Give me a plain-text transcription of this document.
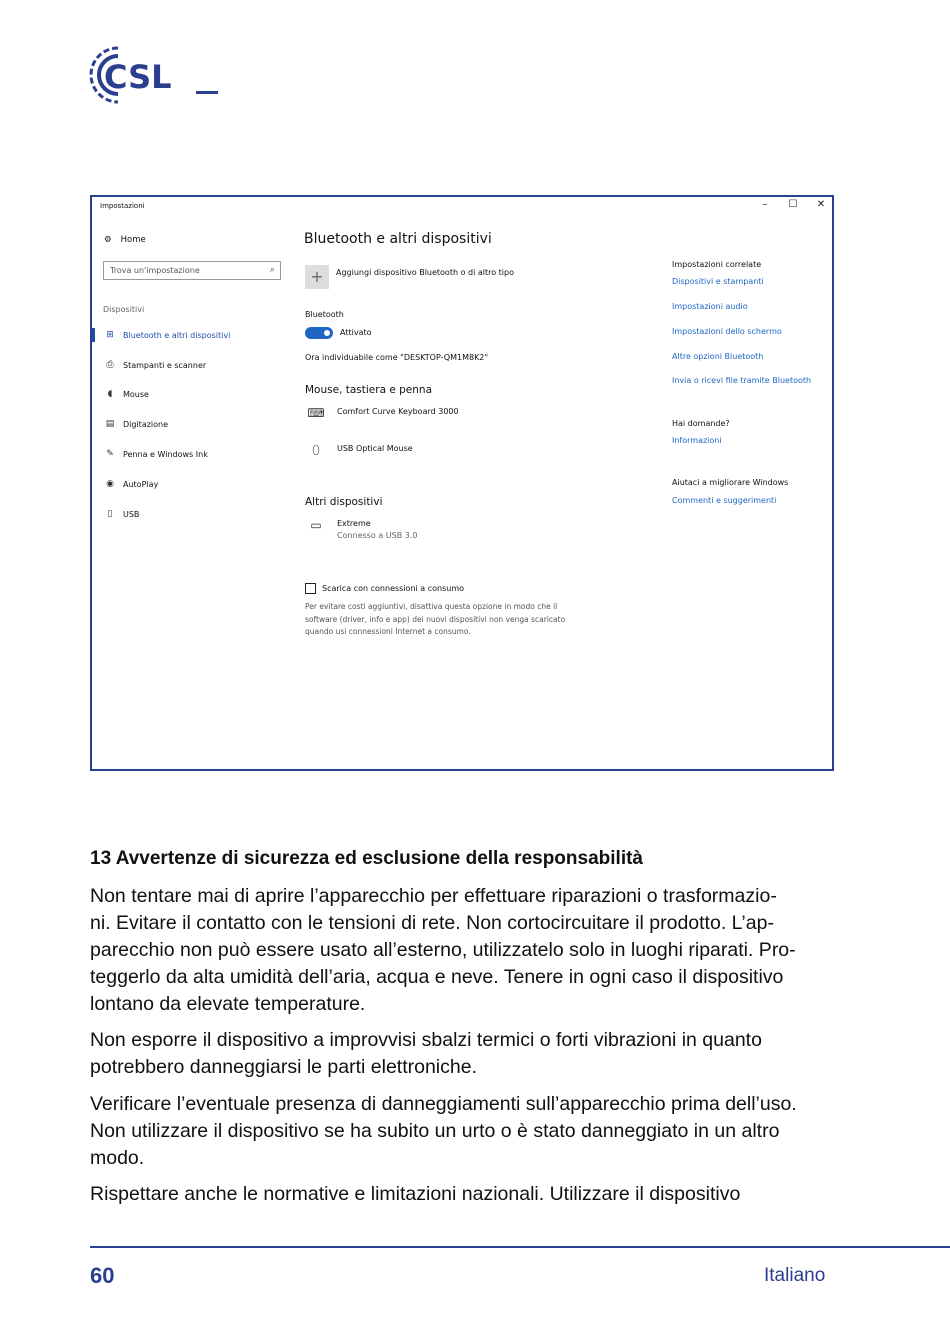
CSL
Impostazioni	–	☐ ✕
⚙ Home
Trova un'impostazione	⌕
Dispositivi
⊞	Bluetooth e altri dispositivi
⎙	Stampanti e scanner
◖	Mouse
▤	Digitazione
✎	Penna e Windows Ink
◉	AutoPlay
▯	USB
Bluetooth e altri dispositivi
+	Aggiungi dispositivo Bluetooth o di altro tipo
Bluetooth
Attivato
Ora individuabile come "DESKTOP-QM1M8K2"
Mouse, tastiera e penna
⌨ Comfort Curve Keyboard 3000
⬯	USB Optical Mouse
Altri dispositivi
▭	Extreme
Connesso a USB 3.0
Scarica con connessioni a consumo
Per evitare costi aggiuntivi, disattiva questa opzione in modo che il software (driver, info e app) dei nuovi dispositivi non venga scaricato quando usi connessioni Internet a consumo.
Impostazioni correlate
Dispositivi e stampanti
Impostazioni audio
Impostazioni dello schermo
Altre opzioni Bluetooth
Invia o ricevi file tramite Bluetooth
Hai domande?
Informazioni
Aiutaci a migliorare Windows
Commenti e suggerimenti
13 Avvertenze di sicurezza ed esclusione della responsabilità
Non tentare mai di aprire l’apparecchio per effettuare riparazioni o trasformazio-
ni. Evitare il contatto con le tensioni di rete. Non cortocircuitare il prodotto. L’ap-
parecchio non può essere usato all’esterno, utilizzatelo solo in luoghi riparati. Pro-
teggerlo da alta umidità dell’aria, acqua e neve. Tenere in ogni caso il dispositivo
lontano da elevate temperature.
Non esporre il dispositivo a improvvisi sbalzi termici o forti vibrazioni in quanto
potrebbero danneggiarsi le parti elettroniche.
Verificare l’eventuale presenza di danneggiamenti sull’apparecchio prima dell’uso.
Non utilizzare il dispositivo se ha subito un urto o è stato danneggiato in un altro
modo.
Rispettare anche le normative e limitazioni nazionali. Utilizzare il dispositivo
60	Italiano
